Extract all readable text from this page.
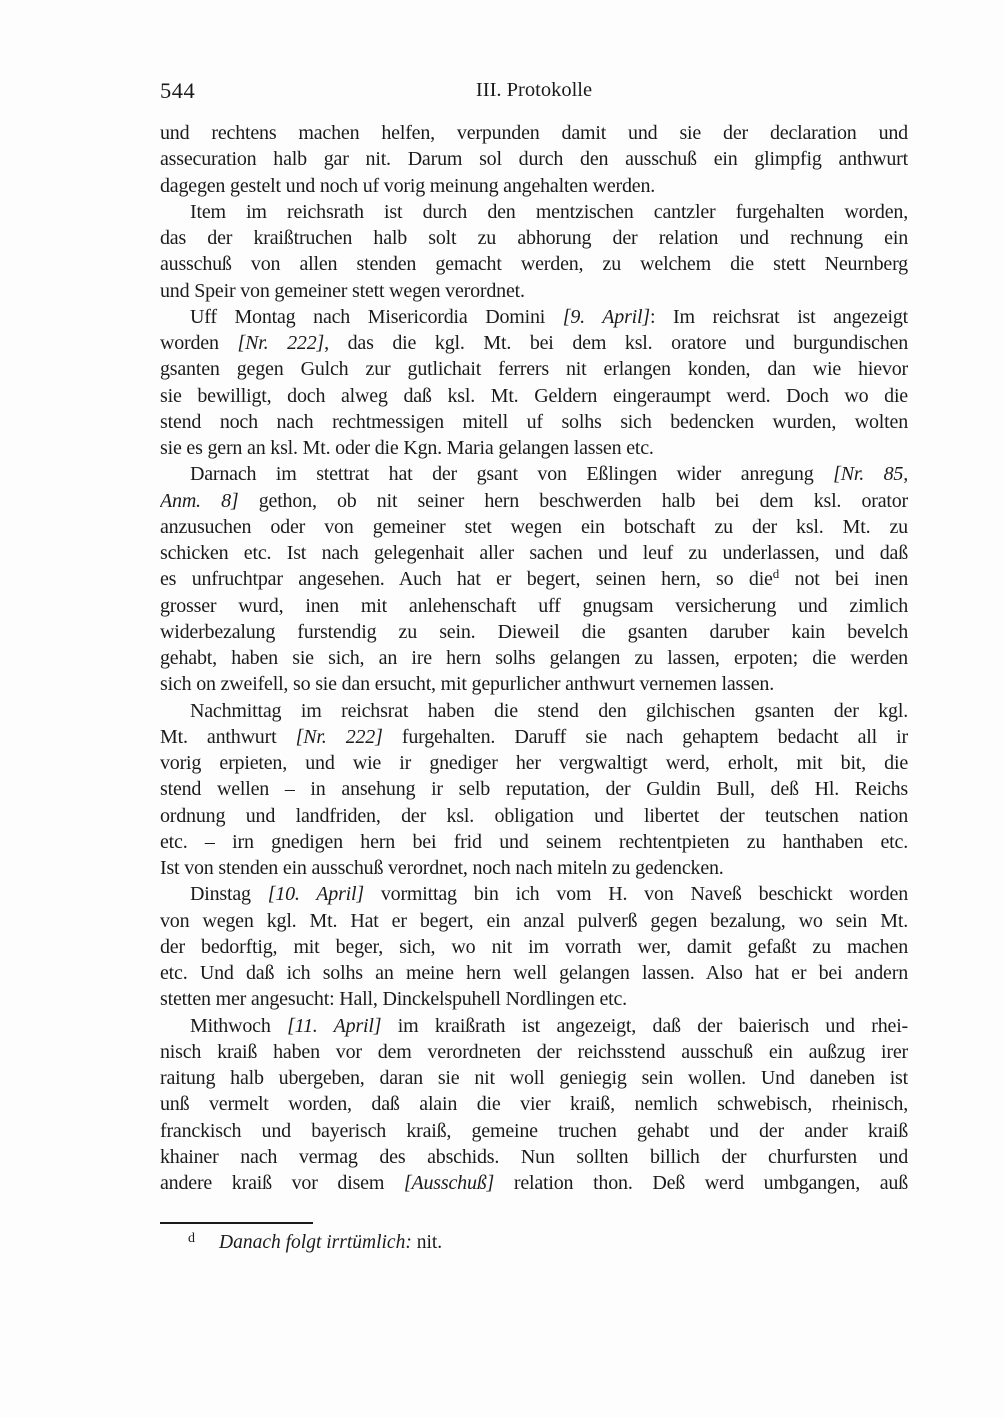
544	III. Protokolle
und rechtens machen helfen, verpunden damit und sie der declaration und
assecuration halb gar nit. Darum sol durch den ausschuß ein glimpfig anthwurt
dagegen gestelt und noch uf vorig meinung angehalten werden.
Item im reichsrath ist durch den mentzischen cantzler furgehalten worden,
das der kraißtruchen halb solt zu abhorung der relation und rechnung ein
ausschuß von allen stenden gemacht werden, zu welchem die stett Neurnberg
und Speir von gemeiner stett wegen verordnet.
Uff Montag nach Misericordia Domini [9. April]: Im reichsrat ist angezeigt
worden [Nr. 222], das die kgl. Mt. bei dem ksl. oratore und burgundischen
gsanten gegen Gulch zur gutlichait ferrers nit erlangen konden, dan wie hievor
sie bewilligt, doch alweg daß ksl. Mt. Geldern eingeraumpt werd. Doch wo die
stend noch nach rechtmessigen mitell uf solhs sich bedencken wurden, wolten
sie es gern an ksl. Mt. oder die Kgn. Maria gelangen lassen etc.
Darnach im stettrat hat der gsant von Eßlingen wider anregung [Nr. 85,
Anm. 8] gethon, ob nit seiner hern beschwerden halb bei dem ksl. orator
anzusuchen oder von gemeiner stet wegen ein botschaft zu der ksl. Mt. zu
schicken etc. Ist nach gelegenhait aller sachen und leuf zu underlassen, und daß
es unfruchtpar angesehen. Auch hat er begert, seinen hern, so die$^d$ not bei inen
grosser wurd, inen mit anlehenschaft uff gnugsam versicherung und zimlich
widerbezalung furstendig zu sein. Dieweil die gsanten daruber kain bevelch
gehabt, haben sie sich, an ire hern solhs gelangen zu lassen, erpoten; die werden
sich on zweifell, so sie dan ersucht, mit gepurlicher anthwurt vernemen lassen.
Nachmittag im reichsrat haben die stend den gilchischen gsanten der kgl.
Mt. anthwurt [Nr. 222] furgehalten. Daruff sie nach gehaptem bedacht all ir
vorig erpieten, und wie ir gnediger her vergwaltigt werd, erholt, mit bit, die
stend wellen – in ansehung ir selb reputation, der Guldin Bull, deß Hl. Reichs
ordnung und landfriden, der ksl. obligation und libertet der teutschen nation
etc. – irn gnedigen hern bei frid und seinem rechtentpieten zu hanthaben etc.
Ist von stenden ein ausschuß verordnet, noch nach miteln zu gedencken.
Dinstag [10. April] vormittag bin ich vom H. von Naveß beschickt worden
von wegen kgl. Mt. Hat er begert, ein anzal pulverß gegen bezalung, wo sein Mt.
der bedorftig, mit beger, sich, wo nit im vorrath wer, damit gefaßt zu machen
etc. Und daß ich solhs an meine hern well gelangen lassen. Also hat er bei andern
stetten mer angesucht: Hall, Dinckelspuhell Nordlingen etc.
Mithwoch [11. April] im kraißrath ist angezeigt, daß der baierisch und rhei-
nisch kraiß haben vor dem verordneten der reichsstend ausschuß ein außzug irer
raitung halb ubergeben, daran sie nit woll geniegig sein wollen. Und daneben ist
unß vermelt worden, daß alain die vier kraiß, nemlich schwebisch, rheinisch,
franckisch und bayerisch kraiß, gemeine truchen gehabt und der ander kraiß
khainer nach vermag des abschids. Nun sollten billich der churfursten und
andere kraiß vor disem [Ausschuß] relation thon. Deß werd umbgangen, auß
$^d$ Danach folgt irrtümlich: nit.
